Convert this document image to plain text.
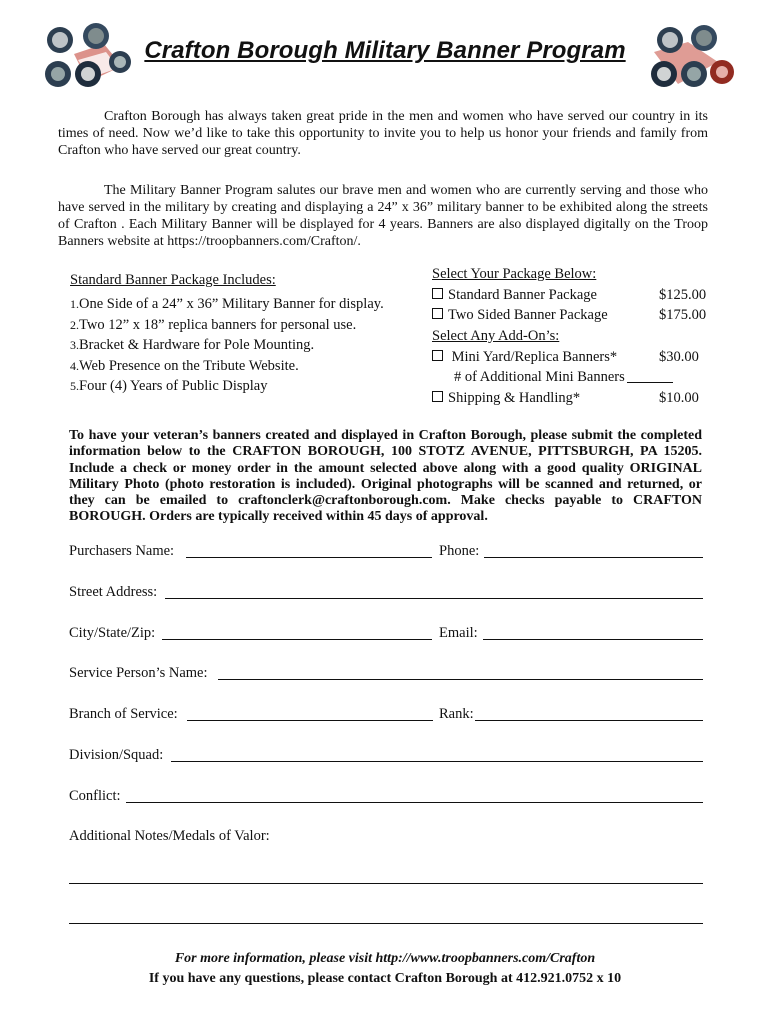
Crafton Borough Military Banner Program

Crafton Borough has always taken great pride in the men and women who have served our country in its times of need. Now we’d like to take this opportunity to invite you to help us honor your friends and family from Crafton who have served our great country.

The Military Banner Program salutes our brave men and women who are currently serving and those who have served in the military by creating and displaying a 24” x 36” military banner to be exhibited along the streets of Crafton . Each Military Banner will be displayed for 4 years. Banners are also displayed digitally on the Troop Banners website at https://troopbanners.com/Crafton/.

Standard Banner Package Includes:
1.One Side of a 24” x 36” Military Banner for display.
2.Two 12” x 18” replica banners for personal use.
3.Bracket & Hardware for Pole Mounting.
4.Web Presence on the Tribute Website.
5.Four (4) Years of Public Display
Select Your Package Below:
Standard Banner Package	$125.00
Two Sided Banner Package	$175.00
Select Any Add-On’s:
Mini Yard/Replica Banners*	$30.00
# of Additional Mini Banners
Shipping & Handling*	$10.00
To have your veteran’s banners created and displayed in Crafton Borough, please submit the completed information below to the CRAFTON BOROUGH, 100 STOTZ AVENUE, PITTSBURGH, PA 15205. Include a check or money order in the amount selected above along with a good quality ORIGINAL Military Photo (photo restoration is included). Original photographs will be scanned and returned, or they can be emailed to craftonclerk@craftonborough.com. Make checks payable to CRAFTON BOROUGH. Orders are typically received within 45 days of approval.
Purchasers Name:	Phone:
Street Address:
City/State/Zip:	Email:
Service Person’s Name:
Branch of Service:	Rank:
Division/Squad:
Conflict:
Additional Notes/Medals of Valor:
For more information, please visit http://www.troopbanners.com/Crafton
If you have any questions, please contact Crafton Borough at 412.921.0752 x 10
